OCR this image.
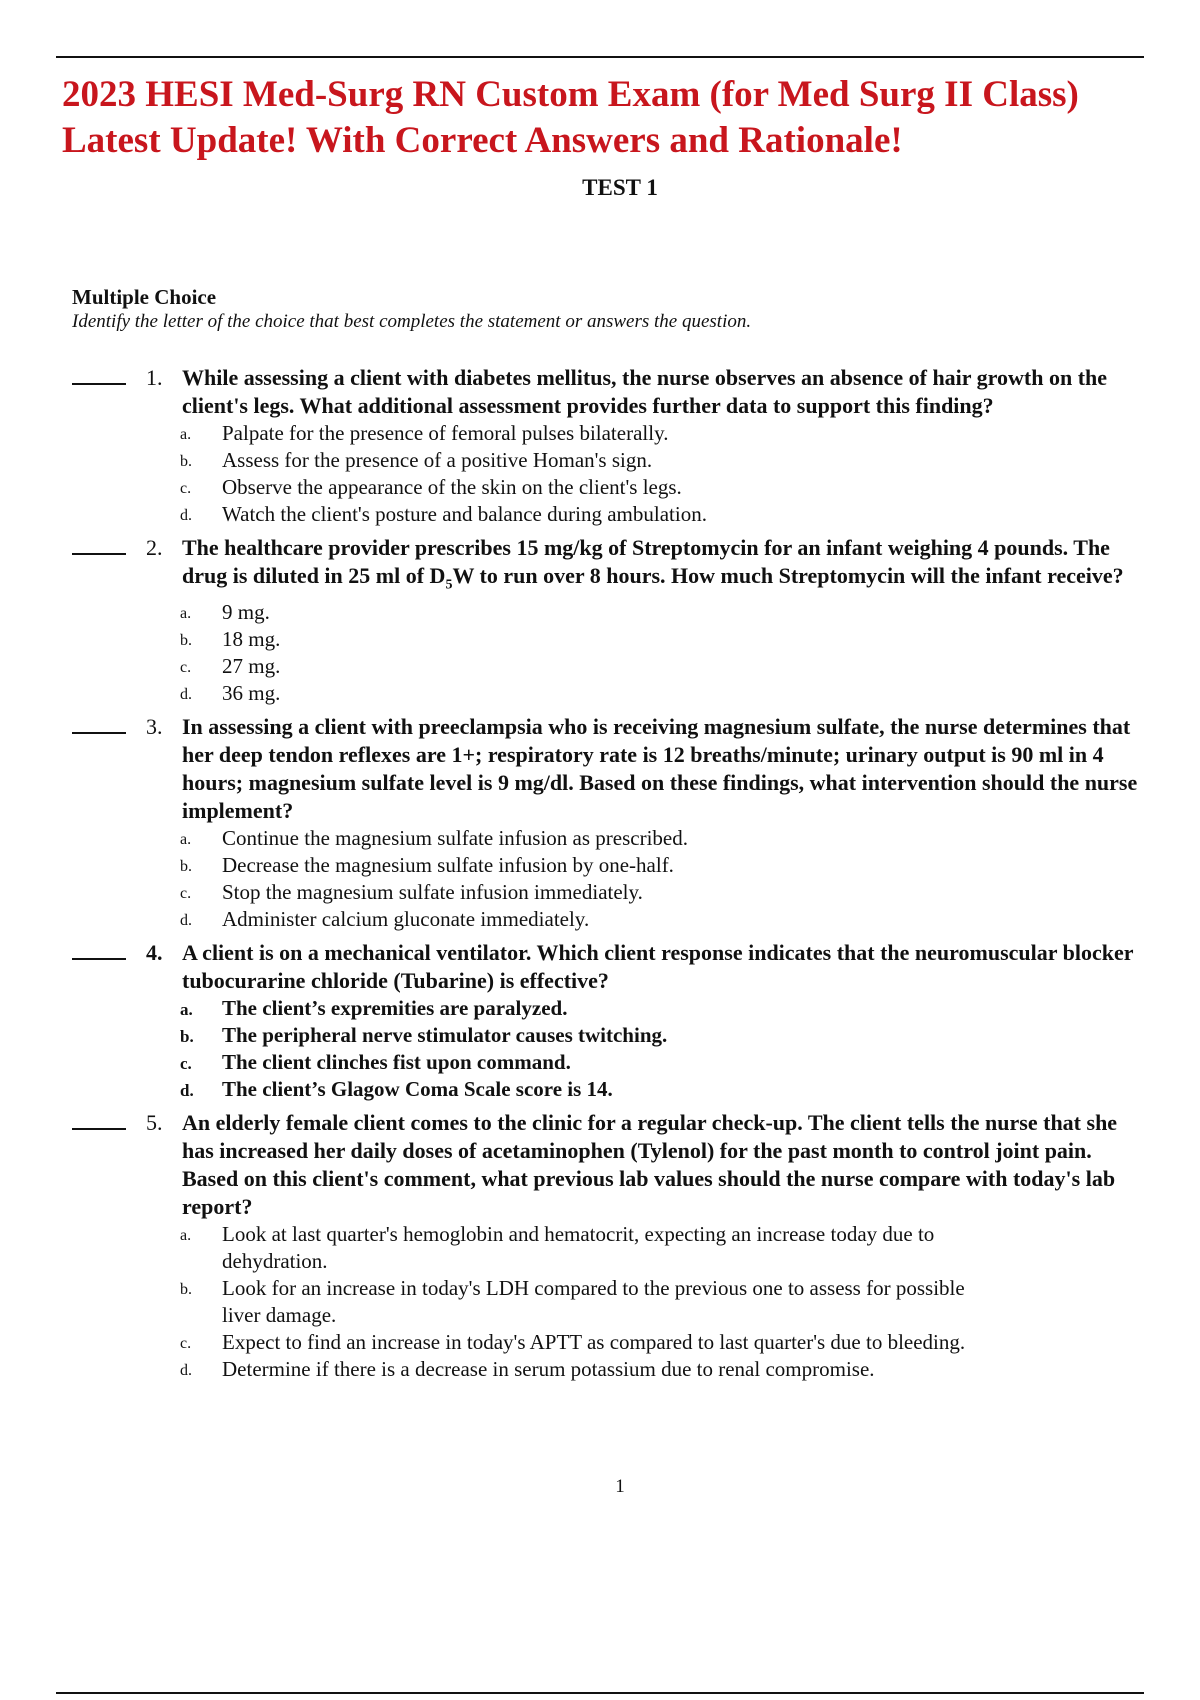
2023 HESI Med-Surg RN Custom Exam (for Med Surg II Class) Latest Update! With Correct Answers and Rationale!
TEST 1
Multiple Choice
Identify the letter of the choice that best completes the statement or answers the question.
1. While assessing a client with diabetes mellitus, the nurse observes an absence of hair growth on the client's legs. What additional assessment provides further data to support this finding?
a. Palpate for the presence of femoral pulses bilaterally.
b. Assess for the presence of a positive Homan's sign.
c. Observe the appearance of the skin on the client's legs.
d. Watch the client's posture and balance during ambulation.
2. The healthcare provider prescribes 15 mg/kg of Streptomycin for an infant weighing 4 pounds. The drug is diluted in 25 ml of $D_5W$ to run over 8 hours. How much Streptomycin will the infant receive?
a. 9 mg.
b. 18 mg.
c. 27 mg.
d. 36 mg.
3. In assessing a client with preeclampsia who is receiving magnesium sulfate, the nurse determines that her deep tendon reflexes are 1+; respiratory rate is 12 breaths/minute; urinary output is 90 ml in 4 hours; magnesium sulfate level is 9 mg/dl. Based on these findings, what intervention should the nurse implement?
a. Continue the magnesium sulfate infusion as prescribed.
b. Decrease the magnesium sulfate infusion by one-half.
c. Stop the magnesium sulfate infusion immediately.
d. Administer calcium gluconate immediately.
4. A client is on a mechanical ventilator. Which client response indicates that the neuromuscular blocker tubocurarine chloride (Tubarine) is effective?
a. The client’s expremities are paralyzed.
b. The peripheral nerve stimulator causes twitching.
c. The client clinches fist upon command.
d. The client’s Glagow Coma Scale score is 14.
5. An elderly female client comes to the clinic for a regular check-up. The client tells the nurse that she has increased her daily doses of acetaminophen (Tylenol) for the past month to control joint pain. Based on this client's comment, what previous lab values should the nurse compare with today's lab report?
a. Look at last quarter's hemoglobin and hematocrit, expecting an increase today due to dehydration.
b. Look for an increase in today's LDH compared to the previous one to assess for possible liver damage.
c. Expect to find an increase in today's APTT as compared to last quarter's due to bleeding.
d. Determine if there is a decrease in serum potassium due to renal compromise.
1
